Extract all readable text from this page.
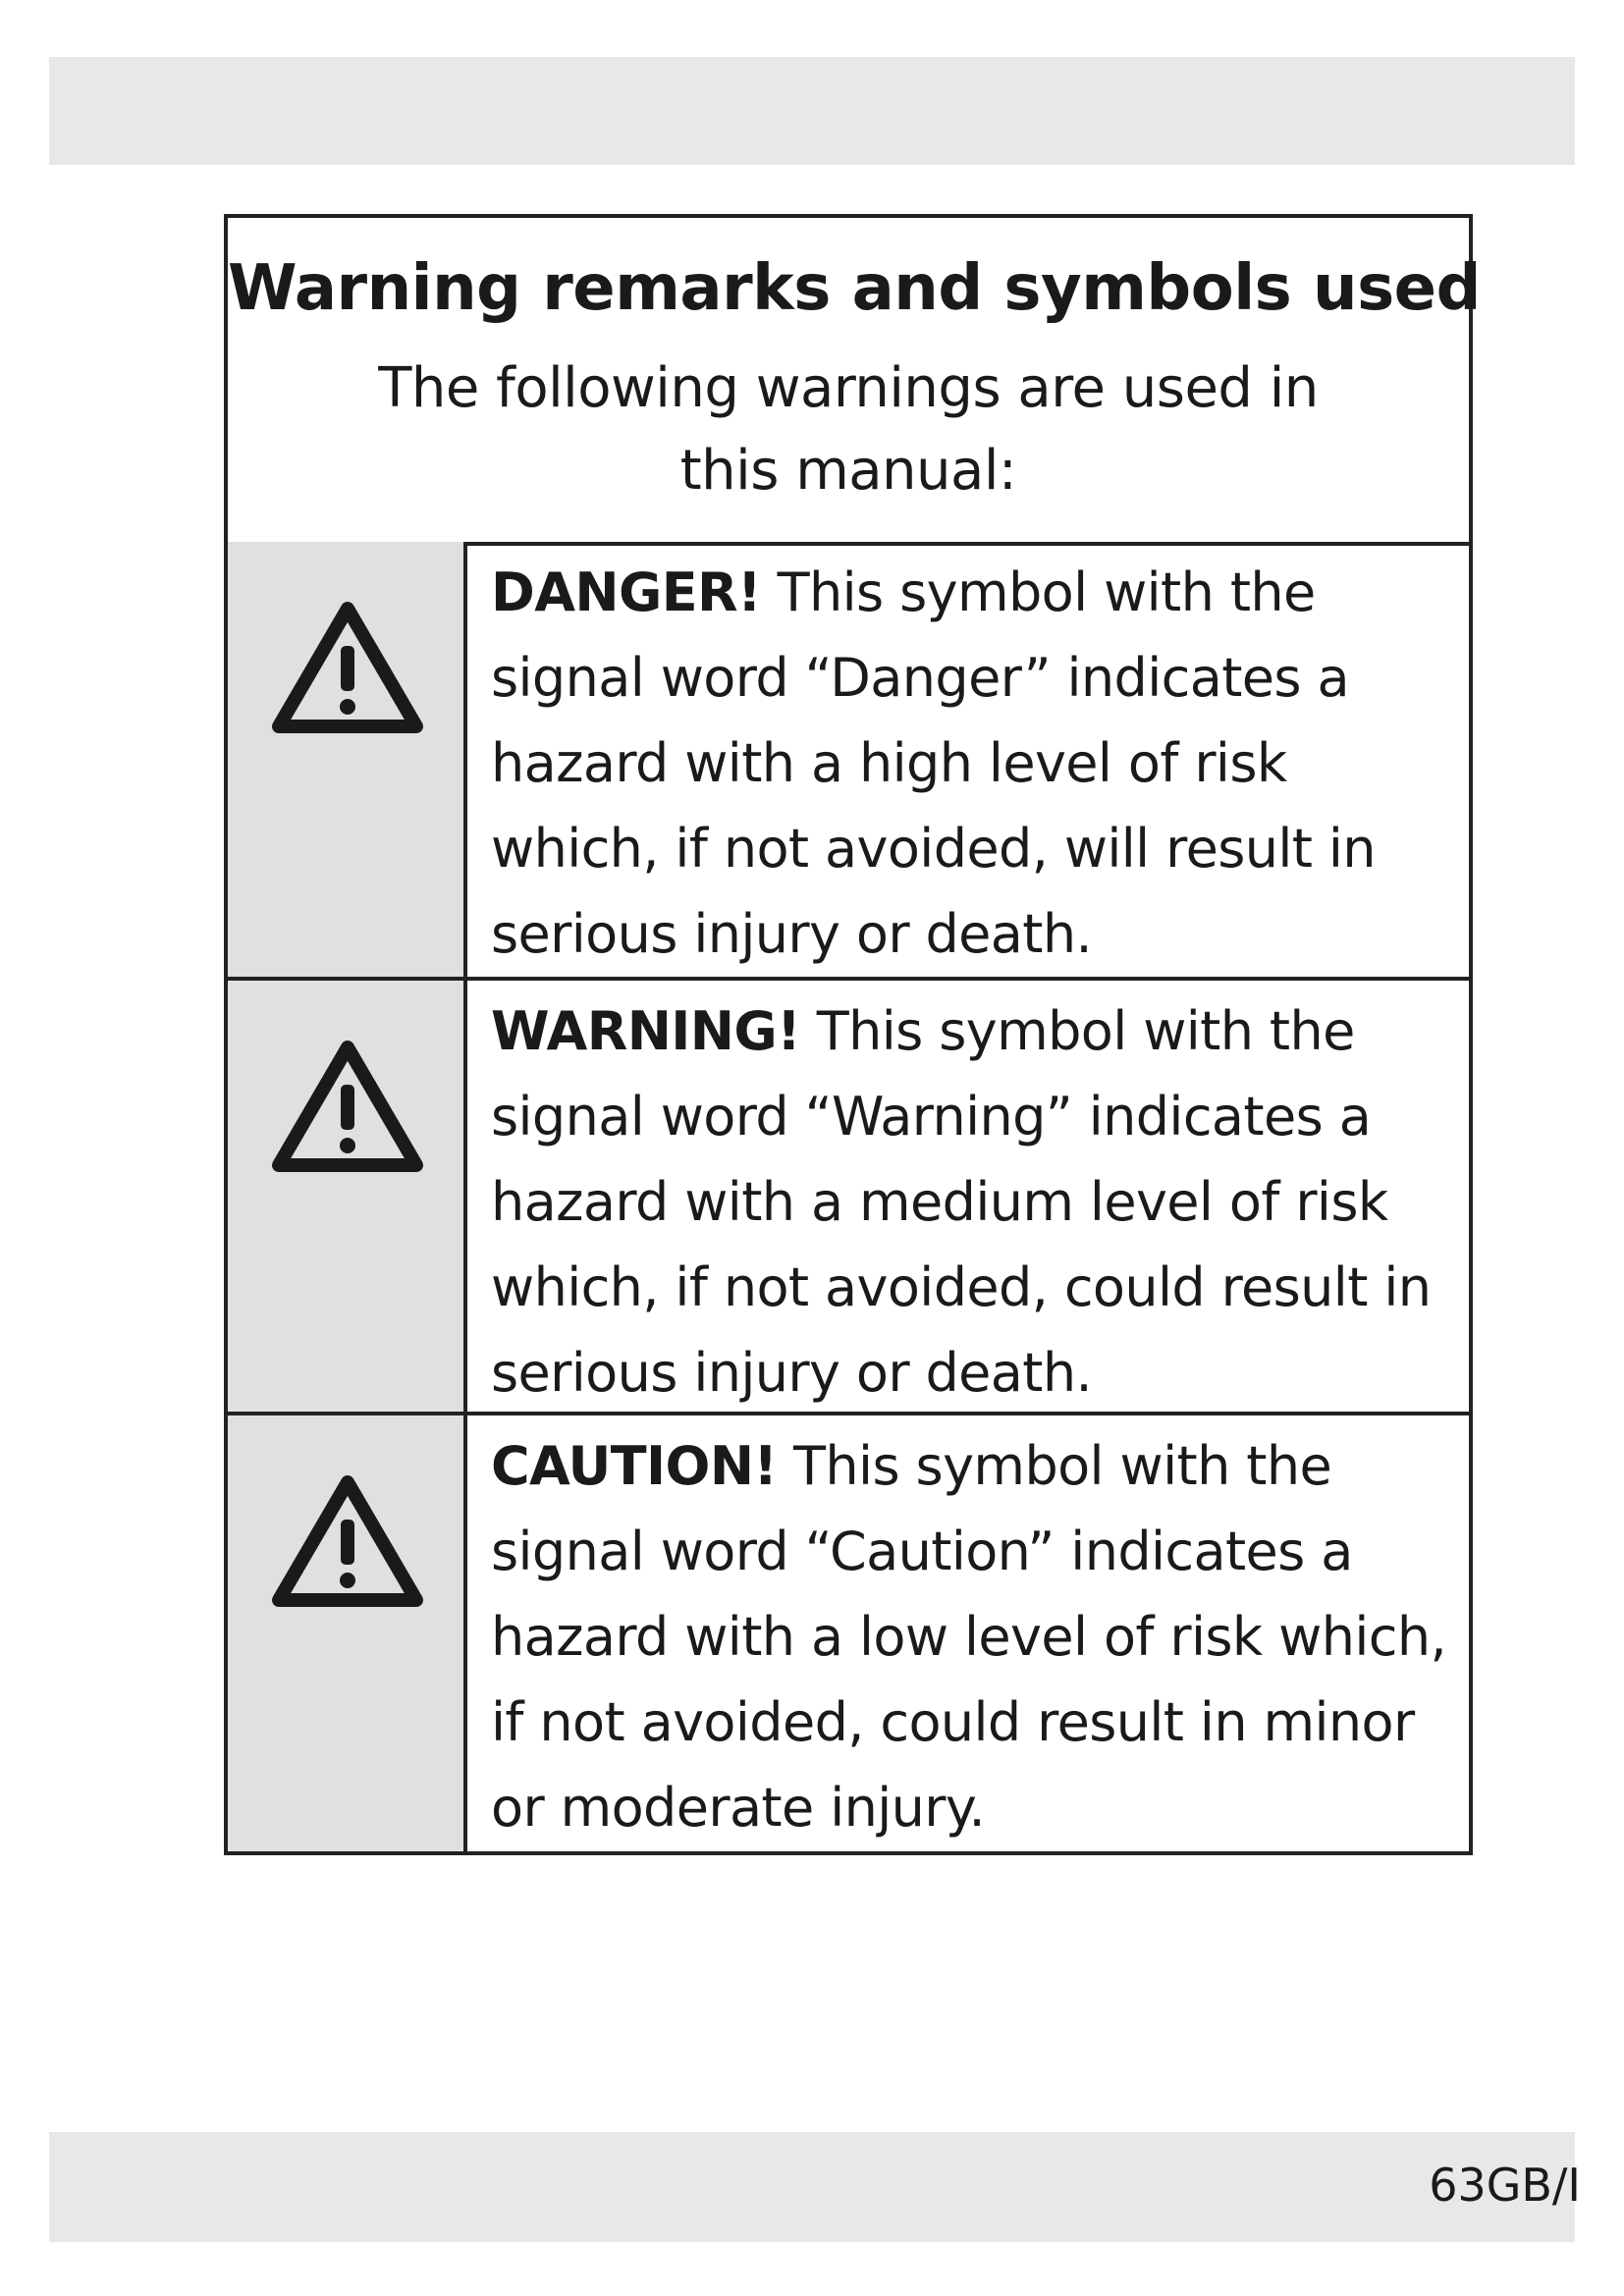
Warning remarks and symbols used
The following warnings are used in this manual:
DANGER! This symbol with the signal word “Danger” indicates a hazard with a high level of risk which, if not avoided, will result in serious injury or death.
WARNING! This symbol with the signal word “Warning” indicates a hazard with a medium level of risk which, if not avoided, could result in serious injury or death.
CAUTION! This symbol with the signal word “Caution” indicates a hazard with a low level of risk which, if not avoided, could result in minor or moderate injury.
63GB/I
